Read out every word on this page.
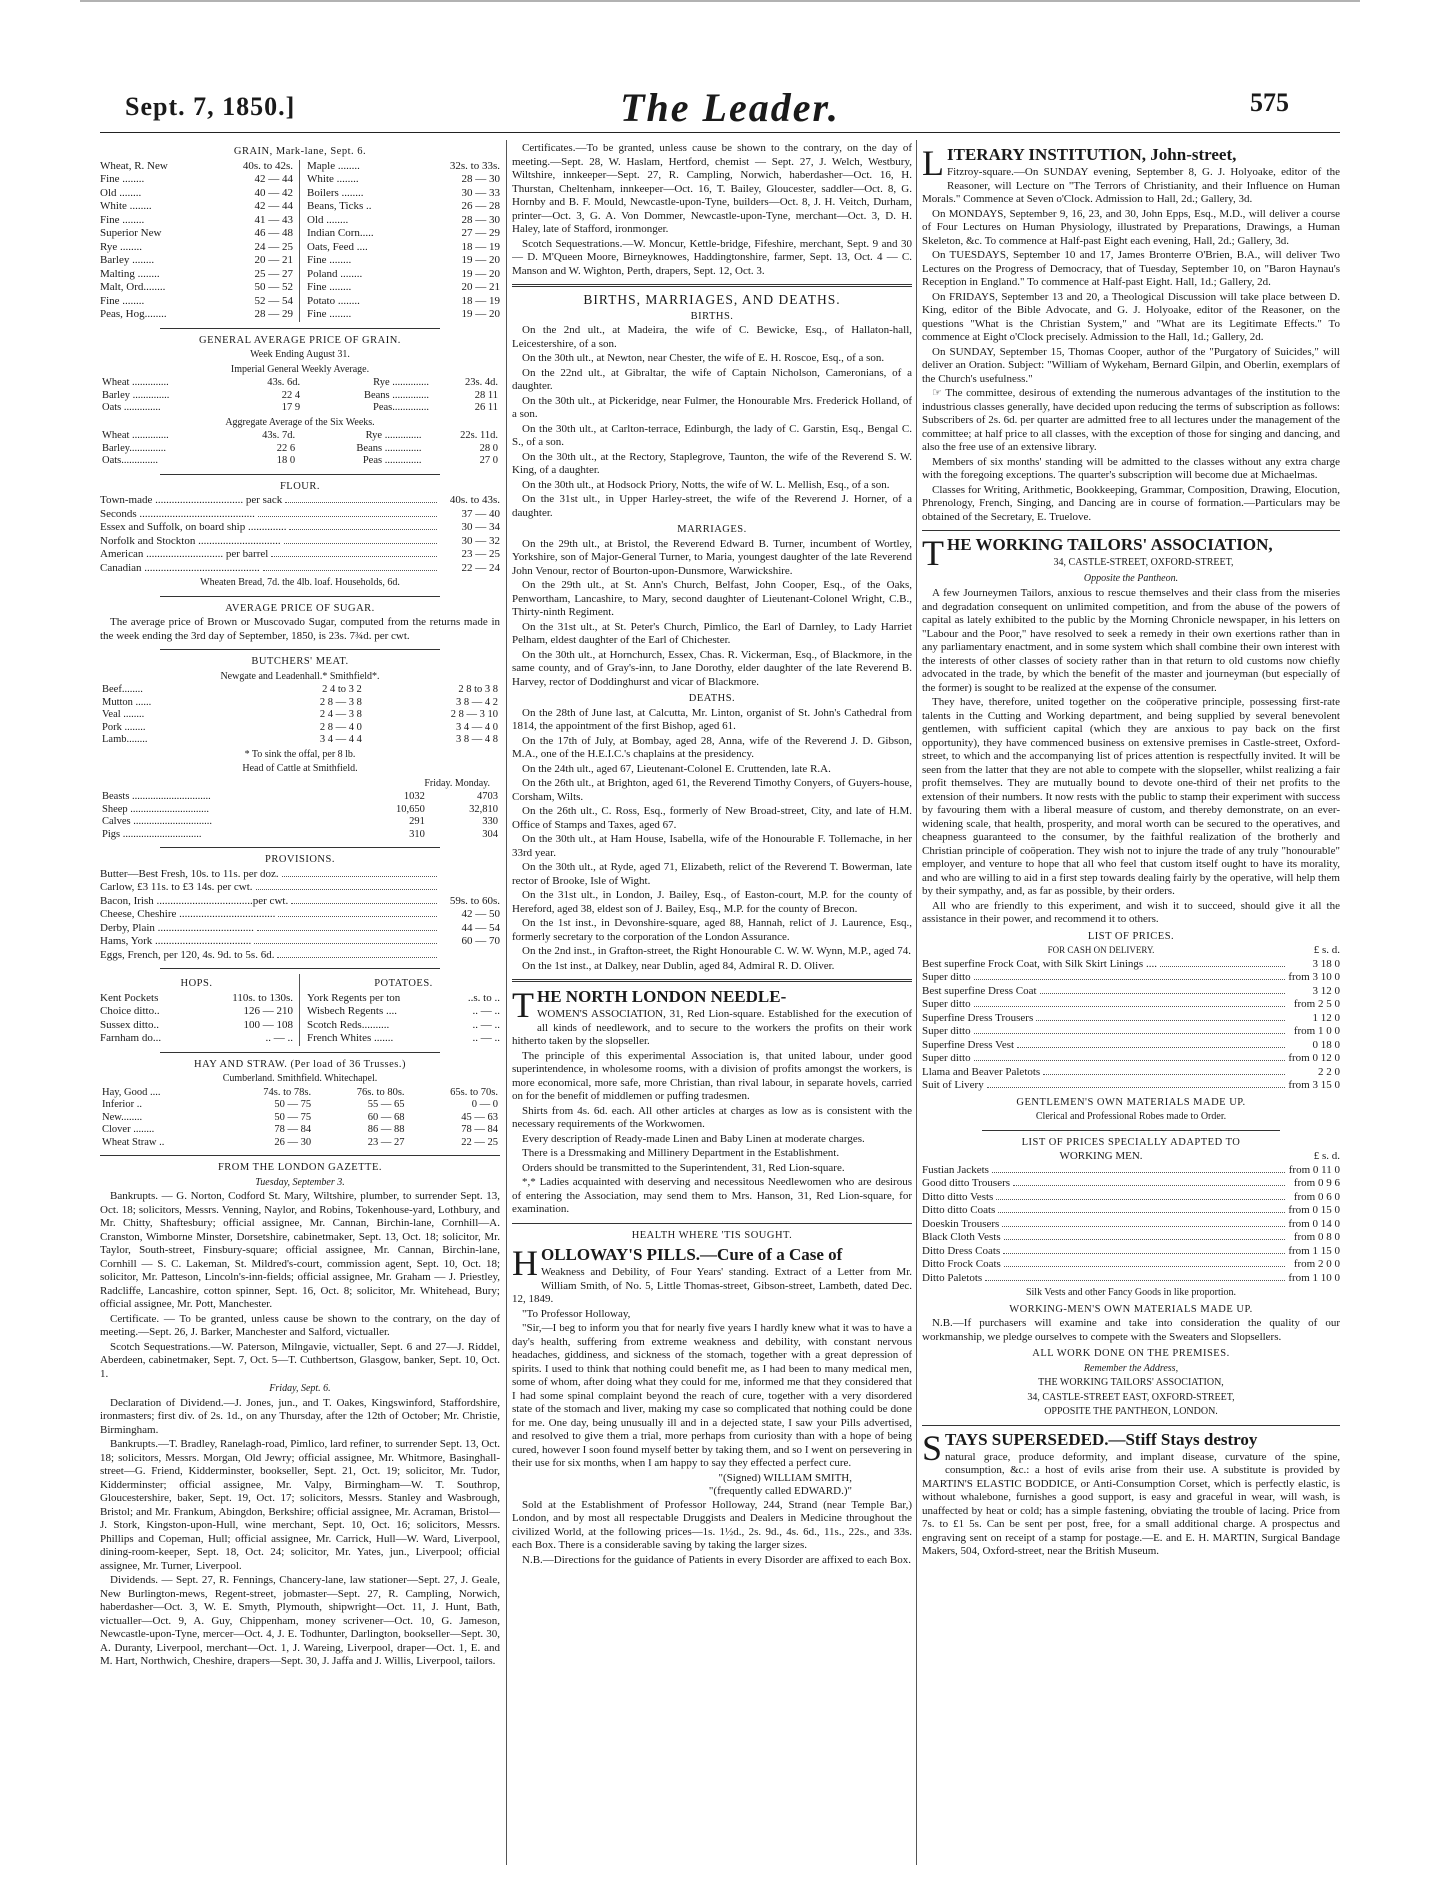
Sept. 7, 1850.]	The Leader.	575
GRAIN, Mark-lane, Sept. 6.
Wheat, R. New	40s. to 42s.
Fine ........	42 — 44
Old ........	40 — 42
White ........	42 — 44
Fine ........	41 — 43
Superior New	46 — 48
Rye ........	24 — 25
Barley ........	20 — 21
Malting ........	25 — 27
Malt, Ord........	50 — 52
Fine ........	52 — 54
Peas, Hog........	28 — 29
Maple ........	32s. to 33s.
White ........	28 — 30
Boilers ........	30 — 33
Beans, Ticks ..	26 — 28
Old ........	28 — 30
Indian Corn.....	27 — 29
Oats, Feed ....	18 — 19
Fine ........	19 — 20
Poland ........	19 — 20
Fine ........	20 — 21
Potato ........	18 — 19
Fine ........	19 — 20
GENERAL AVERAGE PRICE OF GRAIN.
Week Ending August 31.
Imperial General Weekly Average.
Wheat ..............	43s. 6d.	Rye ..............	23s. 4d.
Barley ..............	22 4	Beans ..............	28 11
Oats ..............	17 9	Peas..............	26 11
Aggregate Average of the Six Weeks.
Wheat ..............	43s. 7d.	Rye ..............	22s. 11d.
Barley..............	22 6	Beans ..............	28 0
Oats..............	18 0	Peas ..............	27 0
FLOUR.
Town-made ................................ per sack	40s. to 43s.
Seconds ..........................................	37 — 40
Essex and Suffolk, on board ship ..............	30 — 34
Norfolk and Stockton ..............................	30 — 32
American ............................ per barrel	23 — 25
Canadian ..........................................	22 — 24
Wheaten Bread, 7d. the 4lb. loaf. Households, 6d.
AVERAGE PRICE OF SUGAR.
The average price of Brown or Muscovado Sugar, computed from the returns made in the week ending the 3rd day of September, 1850, is 23s. 7¾d. per cwt.
BUTCHERS' MEAT.
Newgate and Leadenhall.* Smithfield*.
Beef........	2 4 to 3 2	2 8 to 3 8
Mutton ......	2 8 — 3 8	3 8 — 4 2
Veal ........	2 4 — 3 8	2 8 — 3 10
Pork ........	2 8 — 4 0	3 4 — 4 0
Lamb........	3 4 — 4 4	3 8 — 4 8
* To sink the offal, per 8 lb.
Head of Cattle at Smithfield.
Friday. Monday.
Beasts ..............................	1032	4703
Sheep ..............................	10,650	32,810
Calves ..............................	291	330
Pigs ..............................	310	304
PROVISIONS.
Butter—Best Fresh, 10s. to 11s. per doz.
Carlow, £3 11s. to £3 14s. per cwt.
Bacon, Irish ...................................per cwt.	59s. to 60s.
Cheese, Cheshire ...................................	42 — 50
Derby, Plain ...................................	44 — 54
Hams, York ...................................	60 — 70
Eggs, French, per 120, 4s. 9d. to 5s. 6d.
HOPS.
Kent Pockets	110s. to 130s.
Choice ditto..	126 — 210
Sussex ditto..	100 — 108
Farnham do...	.. — ..
POTATOES.
York Regents per ton	..s. to ..
Wisbech Regents ....	.. — ..
Scotch Reds..........	.. — ..
French Whites .......	.. — ..
HAY AND STRAW. (Per load of 36 Trusses.)
Cumberland. Smithfield. Whitechapel.
Hay, Good ....	74s. to 78s.	76s. to 80s.	65s. to 70s.
Inferior ..	50 — 75	55 — 65	0 — 0
New........	50 — 75	60 — 68	45 — 63
Clover ........	78 — 84	86 — 88	78 — 84
Wheat Straw ..	26 — 30	23 — 27	22 — 25
FROM THE LONDON GAZETTE.
Tuesday, September 3.
Bankrupts. — G. Norton, Codford St. Mary, Wiltshire, plumber, to surrender Sept. 13, Oct. 18; solicitors, Messrs. Venning, Naylor, and Robins, Tokenhouse-yard, Lothbury, and Mr. Chitty, Shaftesbury; official assignee, Mr. Cannan, Birchin-lane, Cornhill—A. Cranston, Wimborne Minster, Dorsetshire, cabinetmaker, Sept. 13, Oct. 18; solicitor, Mr. Taylor, South-street, Finsbury-square; official assignee, Mr. Cannan, Birchin-lane, Cornhill — S. C. Lakeman, St. Mildred's-court, commission agent, Sept. 10, Oct. 18; solicitor, Mr. Patteson, Lincoln's-inn-fields; official assignee, Mr. Graham — J. Priestley, Radcliffe, Lancashire, cotton spinner, Sept. 16, Oct. 8; solicitor, Mr. Whitehead, Bury; official assignee, Mr. Pott, Manchester.
Certificate. — To be granted, unless cause be shown to the contrary, on the day of meeting.—Sept. 26, J. Barker, Manchester and Salford, victualler.
Scotch Sequestrations.—W. Paterson, Milngavie, victualler, Sept. 6 and 27—J. Riddel, Aberdeen, cabinetmaker, Sept. 7, Oct. 5—T. Cuthbertson, Glasgow, banker, Sept. 10, Oct. 1.
Friday, Sept. 6.
Declaration of Dividend.—J. Jones, jun., and T. Oakes, Kingswinford, Staffordshire, ironmasters; first div. of 2s. 1d., on any Thursday, after the 12th of October; Mr. Christie, Birmingham.
Bankrupts.—T. Bradley, Ranelagh-road, Pimlico, lard refiner, to surrender Sept. 13, Oct. 18; solicitors, Messrs. Morgan, Old Jewry; official assignee, Mr. Whitmore, Basinghall-street—G. Friend, Kidderminster, bookseller, Sept. 21, Oct. 19; solicitor, Mr. Tudor, Kidderminster; official assignee, Mr. Valpy, Birmingham—W. T. Southrop, Gloucestershire, baker, Sept. 19, Oct. 17; solicitors, Messrs. Stanley and Wasbrough, Bristol; and Mr. Frankum, Abingdon, Berkshire; official assignee, Mr. Acraman, Bristol—J. Stork, Kingston-upon-Hull, wine merchant, Sept. 10, Oct. 16; solicitors, Messrs. Phillips and Copeman, Hull; official assignee, Mr. Carrick, Hull—W. Ward, Liverpool, dining-room-keeper, Sept. 18, Oct. 24; solicitor, Mr. Yates, jun., Liverpool; official assignee, Mr. Turner, Liverpool.
Dividends. — Sept. 27, R. Fennings, Chancery-lane, law stationer—Sept. 27, J. Geale, New Burlington-mews, Regent-street, jobmaster—Sept. 27, R. Campling, Norwich, haberdasher—Oct. 3, W. E. Smyth, Plymouth, shipwright—Oct. 11, J. Hunt, Bath, victualler—Oct. 9, A. Guy, Chippenham, money scrivener—Oct. 10, G. Jameson, Newcastle-upon-Tyne, mercer—Oct. 4, J. E. Todhunter, Darlington, bookseller—Sept. 30, A. Duranty, Liverpool, merchant—Oct. 1, J. Wareing, Liverpool, draper—Oct. 1, E. and M. Hart, Northwich, Cheshire, drapers—Sept. 30, J. Jaffa and J. Willis, Liverpool, tailors.
Certificates.—To be granted, unless cause be shown to the contrary, on the day of meeting.—Sept. 28, W. Haslam, Hertford, chemist — Sept. 27, J. Welch, Westbury, Wiltshire, innkeeper—Sept. 27, R. Campling, Norwich, haberdasher—Oct. 16, H. Thurstan, Cheltenham, innkeeper—Oct. 16, T. Bailey, Gloucester, saddler—Oct. 8, G. Hornby and B. F. Mould, Newcastle-upon-Tyne, builders—Oct. 8, J. H. Veitch, Durham, printer—Oct. 3, G. A. Von Dommer, Newcastle-upon-Tyne, merchant—Oct. 3, D. H. Haley, late of Stafford, ironmonger.
Scotch Sequestrations.—W. Moncur, Kettle-bridge, Fifeshire, merchant, Sept. 9 and 30 — D. M'Queen Moore, Birneyknowes, Haddingtonshire, farmer, Sept. 13, Oct. 4 — C. Manson and W. Wighton, Perth, drapers, Sept. 12, Oct. 3.
BIRTHS, MARRIAGES, AND DEATHS.
BIRTHS.
On the 2nd ult., at Madeira, the wife of C. Bewicke, Esq., of Hallaton-hall, Leicestershire, of a son.
On the 30th ult., at Newton, near Chester, the wife of E. H. Roscoe, Esq., of a son.
On the 22nd ult., at Gibraltar, the wife of Captain Nicholson, Cameronians, of a daughter.
On the 30th ult., at Pickeridge, near Fulmer, the Honourable Mrs. Frederick Holland, of a son.
On the 30th ult., at Carlton-terrace, Edinburgh, the lady of C. Garstin, Esq., Bengal C. S., of a son.
On the 30th ult., at the Rectory, Staplegrove, Taunton, the wife of the Reverend S. W. King, of a daughter.
On the 30th ult., at Hodsock Priory, Notts, the wife of W. L. Mellish, Esq., of a son.
On the 31st ult., in Upper Harley-street, the wife of the Reverend J. Horner, of a daughter.
MARRIAGES.
On the 29th ult., at Bristol, the Reverend Edward B. Turner, incumbent of Wortley, Yorkshire, son of Major-General Turner, to Maria, youngest daughter of the late Reverend John Venour, rector of Bourton-upon-Dunsmore, Warwickshire.
On the 29th ult., at St. Ann's Church, Belfast, John Cooper, Esq., of the Oaks, Penwortham, Lancashire, to Mary, second daughter of Lieutenant-Colonel Wright, C.B., Thirty-ninth Regiment.
On the 31st ult., at St. Peter's Church, Pimlico, the Earl of Darnley, to Lady Harriet Pelham, eldest daughter of the Earl of Chichester.
On the 30th ult., at Hornchurch, Essex, Chas. R. Vickerman, Esq., of Blackmore, in the same county, and of Gray's-inn, to Jane Dorothy, elder daughter of the late Reverend B. Harvey, rector of Doddinghurst and vicar of Blackmore.
DEATHS.
On the 28th of June last, at Calcutta, Mr. Linton, organist of St. John's Cathedral from 1814, the appointment of the first Bishop, aged 61.
On the 17th of July, at Bombay, aged 28, Anna, wife of the Reverend J. D. Gibson, M.A., one of the H.E.I.C.'s chaplains at the presidency.
On the 24th ult., aged 67, Lieutenant-Colonel E. Cruttenden, late R.A.
On the 26th ult., at Brighton, aged 61, the Reverend Timothy Conyers, of Guyers-house, Corsham, Wilts.
On the 26th ult., C. Ross, Esq., formerly of New Broad-street, City, and late of H.M. Office of Stamps and Taxes, aged 67.
On the 30th ult., at Ham House, Isabella, wife of the Honourable F. Tollemache, in her 33rd year.
On the 30th ult., at Ryde, aged 71, Elizabeth, relict of the Reverend T. Bowerman, late rector of Brooke, Isle of Wight.
On the 31st ult., in London, J. Bailey, Esq., of Easton-court, M.P. for the county of Hereford, aged 38, eldest son of J. Bailey, Esq., M.P. for the county of Brecon.
On the 1st inst., in Devonshire-square, aged 88, Hannah, relict of J. Laurence, Esq., formerly secretary to the corporation of the London Assurance.
On the 2nd inst., in Grafton-street, the Right Honourable C. W. W. Wynn, M.P., aged 74.
On the 1st inst., at Dalkey, near Dublin, aged 84, Admiral R. D. Oliver.
THE NORTH LONDON NEEDLE-
WOMEN'S ASSOCIATION, 31, Red Lion-square. Established for the execution of all kinds of needlework, and to secure to the workers the profits on their work hitherto taken by the slopseller.
The principle of this experimental Association is, that united labour, under good superintendence, in wholesome rooms, with a division of profits amongst the workers, is more economical, more safe, more Christian, than rival labour, in separate hovels, carried on for the benefit of middlemen or puffing tradesmen.
Shirts from 4s. 6d. each. All other articles at charges as low as is consistent with the necessary requirements of the Workwomen.
Every description of Ready-made Linen and Baby Linen at moderate charges.
There is a Dressmaking and Millinery Department in the Establishment.
Orders should be transmitted to the Superintendent, 31, Red Lion-square.
*,* Ladies acquainted with deserving and necessitous Needlewomen who are desirous of entering the Association, may send them to Mrs. Hanson, 31, Red Lion-square, for examination.
HEALTH WHERE 'TIS SOUGHT.
HOLLOWAY'S PILLS.—Cure of a Case of
Weakness and Debility, of Four Years' standing. Extract of a Letter from Mr. William Smith, of No. 5, Little Thomas-street, Gibson-street, Lambeth, dated Dec. 12, 1849.
"To Professor Holloway,
"Sir,—I beg to inform you that for nearly five years I hardly knew what it was to have a day's health, suffering from extreme weakness and debility, with constant nervous headaches, giddiness, and sickness of the stomach, together with a great depression of spirits. I used to think that nothing could benefit me, as I had been to many medical men, some of whom, after doing what they could for me, informed me that they considered that I had some spinal complaint beyond the reach of cure, together with a very disordered state of the stomach and liver, making my case so complicated that nothing could be done for me. One day, being unusually ill and in a dejected state, I saw your Pills advertised, and resolved to give them a trial, more perhaps from curiosity than with a hope of being cured, however I soon found myself better by taking them, and so I went on persevering in their use for six months, when I am happy to say they effected a perfect cure.
"(Signed) WILLIAM SMITH,
"(frequently called EDWARD.)"
Sold at the Establishment of Professor Holloway, 244, Strand (near Temple Bar,) London, and by most all respectable Druggists and Dealers in Medicine throughout the civilized World, at the following prices—1s. 1½d., 2s. 9d., 4s. 6d., 11s., 22s., and 33s. each Box. There is a considerable saving by taking the larger sizes.
N.B.—Directions for the guidance of Patients in every Disorder are affixed to each Box.
LITERARY INSTITUTION, John-street,
Fitzroy-square.—On SUNDAY evening, September 8, G. J. Holyoake, editor of the Reasoner, will Lecture on "The Terrors of Christianity, and their Influence on Human Morals." Commence at Seven o'Clock. Admission to Hall, 2d.; Gallery, 3d.
On MONDAYS, September 9, 16, 23, and 30, John Epps, Esq., M.D., will deliver a course of Four Lectures on Human Physiology, illustrated by Preparations, Drawings, a Human Skeleton, &c. To commence at Half-past Eight each evening, Hall, 2d.; Gallery, 3d.
On TUESDAYS, September 10 and 17, James Bronterre O'Brien, B.A., will deliver Two Lectures on the Progress of Democracy, that of Tuesday, September 10, on "Baron Haynau's Reception in England." To commence at Half-past Eight. Hall, 1d.; Gallery, 2d.
On FRIDAYS, September 13 and 20, a Theological Discussion will take place between D. King, editor of the Bible Advocate, and G. J. Holyoake, editor of the Reasoner, on the questions "What is the Christian System," and "What are its Legitimate Effects." To commence at Eight o'Clock precisely. Admission to the Hall, 1d.; Gallery, 2d.
On SUNDAY, September 15, Thomas Cooper, author of the "Purgatory of Suicides," will deliver an Oration. Subject: "William of Wykeham, Bernard Gilpin, and Oberlin, exemplars of the Church's usefulness."
☞ The committee, desirous of extending the numerous advantages of the institution to the industrious classes generally, have decided upon reducing the terms of subscription as follows: Subscribers of 2s. 6d. per quarter are admitted free to all lectures under the management of the committee; at half price to all classes, with the exception of those for singing and dancing, and also the free use of an extensive library.
Members of six months' standing will be admitted to the classes without any extra charge with the foregoing exceptions. The quarter's subscription will become due at Michaelmas.
Classes for Writing, Arithmetic, Bookkeeping, Grammar, Composition, Drawing, Elocution, Phrenology, French, Singing, and Dancing are in course of formation.—Particulars may be obtained of the Secretary, E. Truelove.
THE WORKING TAILORS' ASSOCIATION,
34, CASTLE-STREET, OXFORD-STREET,
Opposite the Pantheon.
A few Journeymen Tailors, anxious to rescue themselves and their class from the miseries and degradation consequent on unlimited competition, and from the abuse of the powers of capital as lately exhibited to the public by the Morning Chronicle newspaper, in his letters on "Labour and the Poor," have resolved to seek a remedy in their own exertions rather than in any parliamentary enactment, and in some system which shall combine their own interest with the interests of other classes of society rather than in that return to old customs now chiefly advocated in the trade, by which the benefit of the master and journeyman (but especially of the former) is sought to be realized at the expense of the consumer.
They have, therefore, united together on the coöperative principle, possessing first-rate talents in the Cutting and Working department, and being supplied by several benevolent gentlemen, with sufficient capital (which they are anxious to pay back on the first opportunity), they have commenced business on extensive premises in Castle-street, Oxford-street, to which and the accompanying list of prices attention is respectfully invited. It will be seen from the latter that they are not able to compete with the slopseller, whilst realizing a fair profit themselves. They are mutually bound to devote one-third of their net profits to the extension of their numbers. It now rests with the public to stamp their experiment with success by favouring them with a liberal measure of custom, and thereby demonstrate, on an ever-widening scale, that health, prosperity, and moral worth can be secured to the operatives, and cheapness guaranteed to the consumer, by the faithful realization of the brotherly and Christian principle of coöperation. They wish not to injure the trade of any truly "honourable" employer, and venture to hope that all who feel that custom itself ought to have its morality, and who are willing to aid in a first step towards dealing fairly by the operative, will help them by their sympathy, and, as far as possible, by their orders.
All who are friendly to this experiment, and wish it to succeed, should give it all the assistance in their power, and recommend it to others.
LIST OF PRICES.
FOR CASH ON DELIVERY.	£ s. d.
Best superfine Frock Coat, with Silk Skirt Linings ....	3 18 0
Super ditto	from 3 10 0
Best superfine Dress Coat	3 12 0
Super ditto	from 2 5 0
Superfine Dress Trousers	1 12 0
Super ditto	from 1 0 0
Superfine Dress Vest	0 18 0
Super ditto	from 0 12 0
Llama and Beaver Paletots	2 2 0
Suit of Livery	from 3 15 0
GENTLEMEN'S OWN MATERIALS MADE UP.
Clerical and Professional Robes made to Order.
LIST OF PRICES SPECIALLY ADAPTED TO
WORKING MEN.	£ s. d.
Fustian Jackets	from 0 11 0
Good ditto Trousers	from 0 9 6
Ditto ditto Vests	from 0 6 0
Ditto ditto Coats	from 0 15 0
Doeskin Trousers	from 0 14 0
Black Cloth Vests	from 0 8 0
Ditto Dress Coats	from 1 15 0
Ditto Frock Coats	from 2 0 0
Ditto Paletots	from 1 10 0
Silk Vests and other Fancy Goods in like proportion.
WORKING-MEN'S OWN MATERIALS MADE UP.
N.B.—If purchasers will examine and take into consideration the quality of our workmanship, we pledge ourselves to compete with the Sweaters and Slopsellers.
ALL WORK DONE ON THE PREMISES.
Remember the Address,
THE WORKING TAILORS' ASSOCIATION,
34, CASTLE-STREET EAST, OXFORD-STREET,
OPPOSITE THE PANTHEON, LONDON.
STAYS SUPERSEDED.—Stiff Stays destroy
natural grace, produce deformity, and implant disease, curvature of the spine, consumption, &c.: a host of evils arise from their use. A substitute is provided by MARTIN'S ELASTIC BODDICE, or Anti-Consumption Corset, which is perfectly elastic, is without whalebone, furnishes a good support, is easy and graceful in wear, will wash, is unaffected by heat or cold; has a simple fastening, obviating the trouble of lacing. Price from 7s. to £1 5s. Can be sent per post, free, for a small additional charge. A prospectus and engraving sent on receipt of a stamp for postage.—E. and E. H. MARTIN, Surgical Bandage Makers, 504, Oxford-street, near the British Museum.
